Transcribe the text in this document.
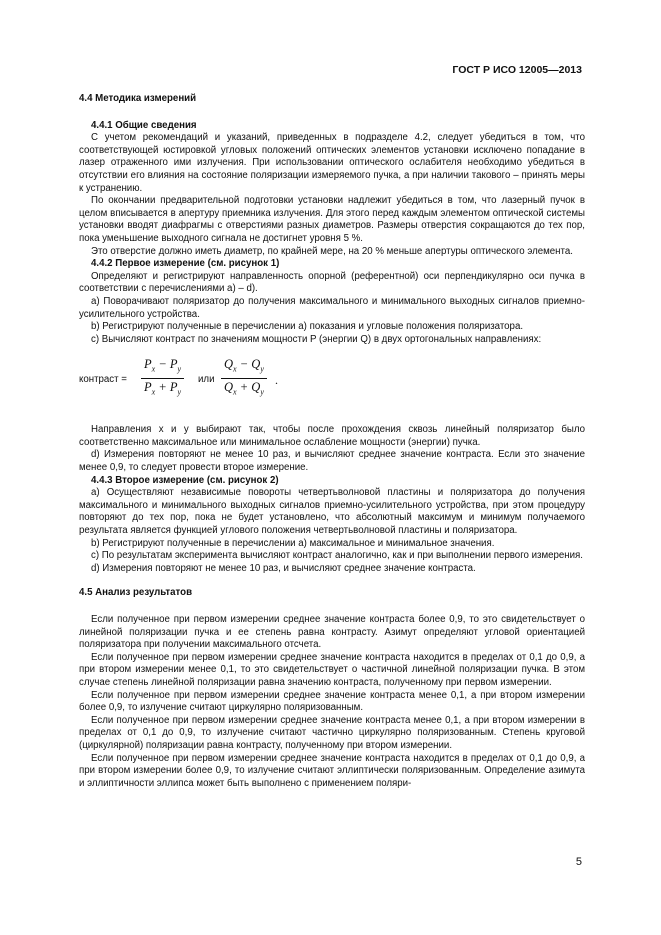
ГОСТ Р ИСО 12005—2013

4.4 Методика измерений

4.4.1 Общие сведения

С учетом рекомендаций и указаний, приведенных в подразделе 4.2, следует убедиться в том, что соответствующей юстировкой угловых положений оптических элементов установки исключено попадание в лазер отраженного ими излучения. При использовании оптического ослабителя необходимо убедиться в отсутствии его влияния на состояние поляризации измеряемого пучка, а при наличии такового – принять меры к устранению.

По окончании предварительной подготовки установки надлежит убедиться в том, что лазерный пучок в целом вписывается в апертуру приемника излучения. Для этого перед каждым элементом оптической системы установки вводят диафрагмы с отверстиями разных диаметров. Размеры отверстия сокращаются до тех пор, пока уменьшение выходного сигнала не достигнет уровня 5 %.

Это отверстие должно иметь диаметр, по крайней мере, на 20 % меньше апертуры оптического элемента.

4.4.2 Первое измерение (см. рисунок 1)

Определяют и регистрируют направленность опорной (референтной) оси перпендикулярно оси пучка в соответствии с перечислениями а) – d).

а) Поворачивают поляризатор до получения максимального и минимального выходных сигналов приемно-усилительного устройства.

b) Регистрируют полученные в перечислении а) показания и угловые положения поляризатора.

с) Вычисляют контраст по значениям мощности P (энергии Q) в двух ортогональных направлениях:

контраст = $\frac{P_x - P_y}{P_x + P_y}$ или $\frac{Q_x - Q_y}{Q_x + Q_y}$ .

Направления x и y выбирают так, чтобы после прохождения сквозь линейный поляризатор было соответственно максимальное или минимальное ослабление мощности (энергии) пучка.

d) Измерения повторяют не менее 10 раз, и вычисляют среднее значение контраста. Если это значение менее 0,9, то следует провести второе измерение.

4.4.3 Второе измерение (см. рисунок 2)

а) Осуществляют независимые повороты четвертьволновой пластины и поляризатора до получения максимального и минимального выходных сигналов приемно-усилительного устройства, при этом процедуру повторяют до тех пор, пока не будет установлено, что абсолютный максимум и минимум получаемого результата является функцией углового положения четвертьволновой пластины и поляризатора.

b) Регистрируют полученные в перечислении а) максимальное и минимальное значения.

с) По результатам эксперимента вычисляют контраст аналогично, как и при выполнении первого измерения.

d) Измерения повторяют не менее 10 раз, и вычисляют среднее значение контраста.

4.5 Анализ результатов

Если полученное при первом измерении среднее значение контраста более 0,9, то это свидетельствует о линейной поляризации пучка и ее степень равна контрасту. Азимут определяют угловой ориентацией поляризатора при получении максимального отсчета.

Если полученное при первом измерении среднее значение контраста находится в пределах от 0,1 до 0,9, а при втором измерении менее 0,1, то это свидетельствует о частичной линейной поляризации пучка. В этом случае степень линейной поляризации равна значению контраста, полученному при первом измерении.

Если полученное при первом измерении среднее значение контраста менее 0,1, а при втором измерении более 0,9, то излучение считают циркулярно поляризованным.

Если полученное при первом измерении среднее значение контраста менее 0,1, а при втором измерении в пределах от 0,1 до 0,9, то излучение считают частично циркулярно поляризованным. Степень круговой (циркулярной) поляризации равна контрасту, полученному при втором измерении.

Если полученное при первом измерении среднее значение контраста находится в пределах от 0,1 до 0,9, а при втором измерении более 0,9, то излучение считают эллиптически поляризованным. Определение азимута и эллиптичности эллипса может быть выполнено с применением поляри-

5
